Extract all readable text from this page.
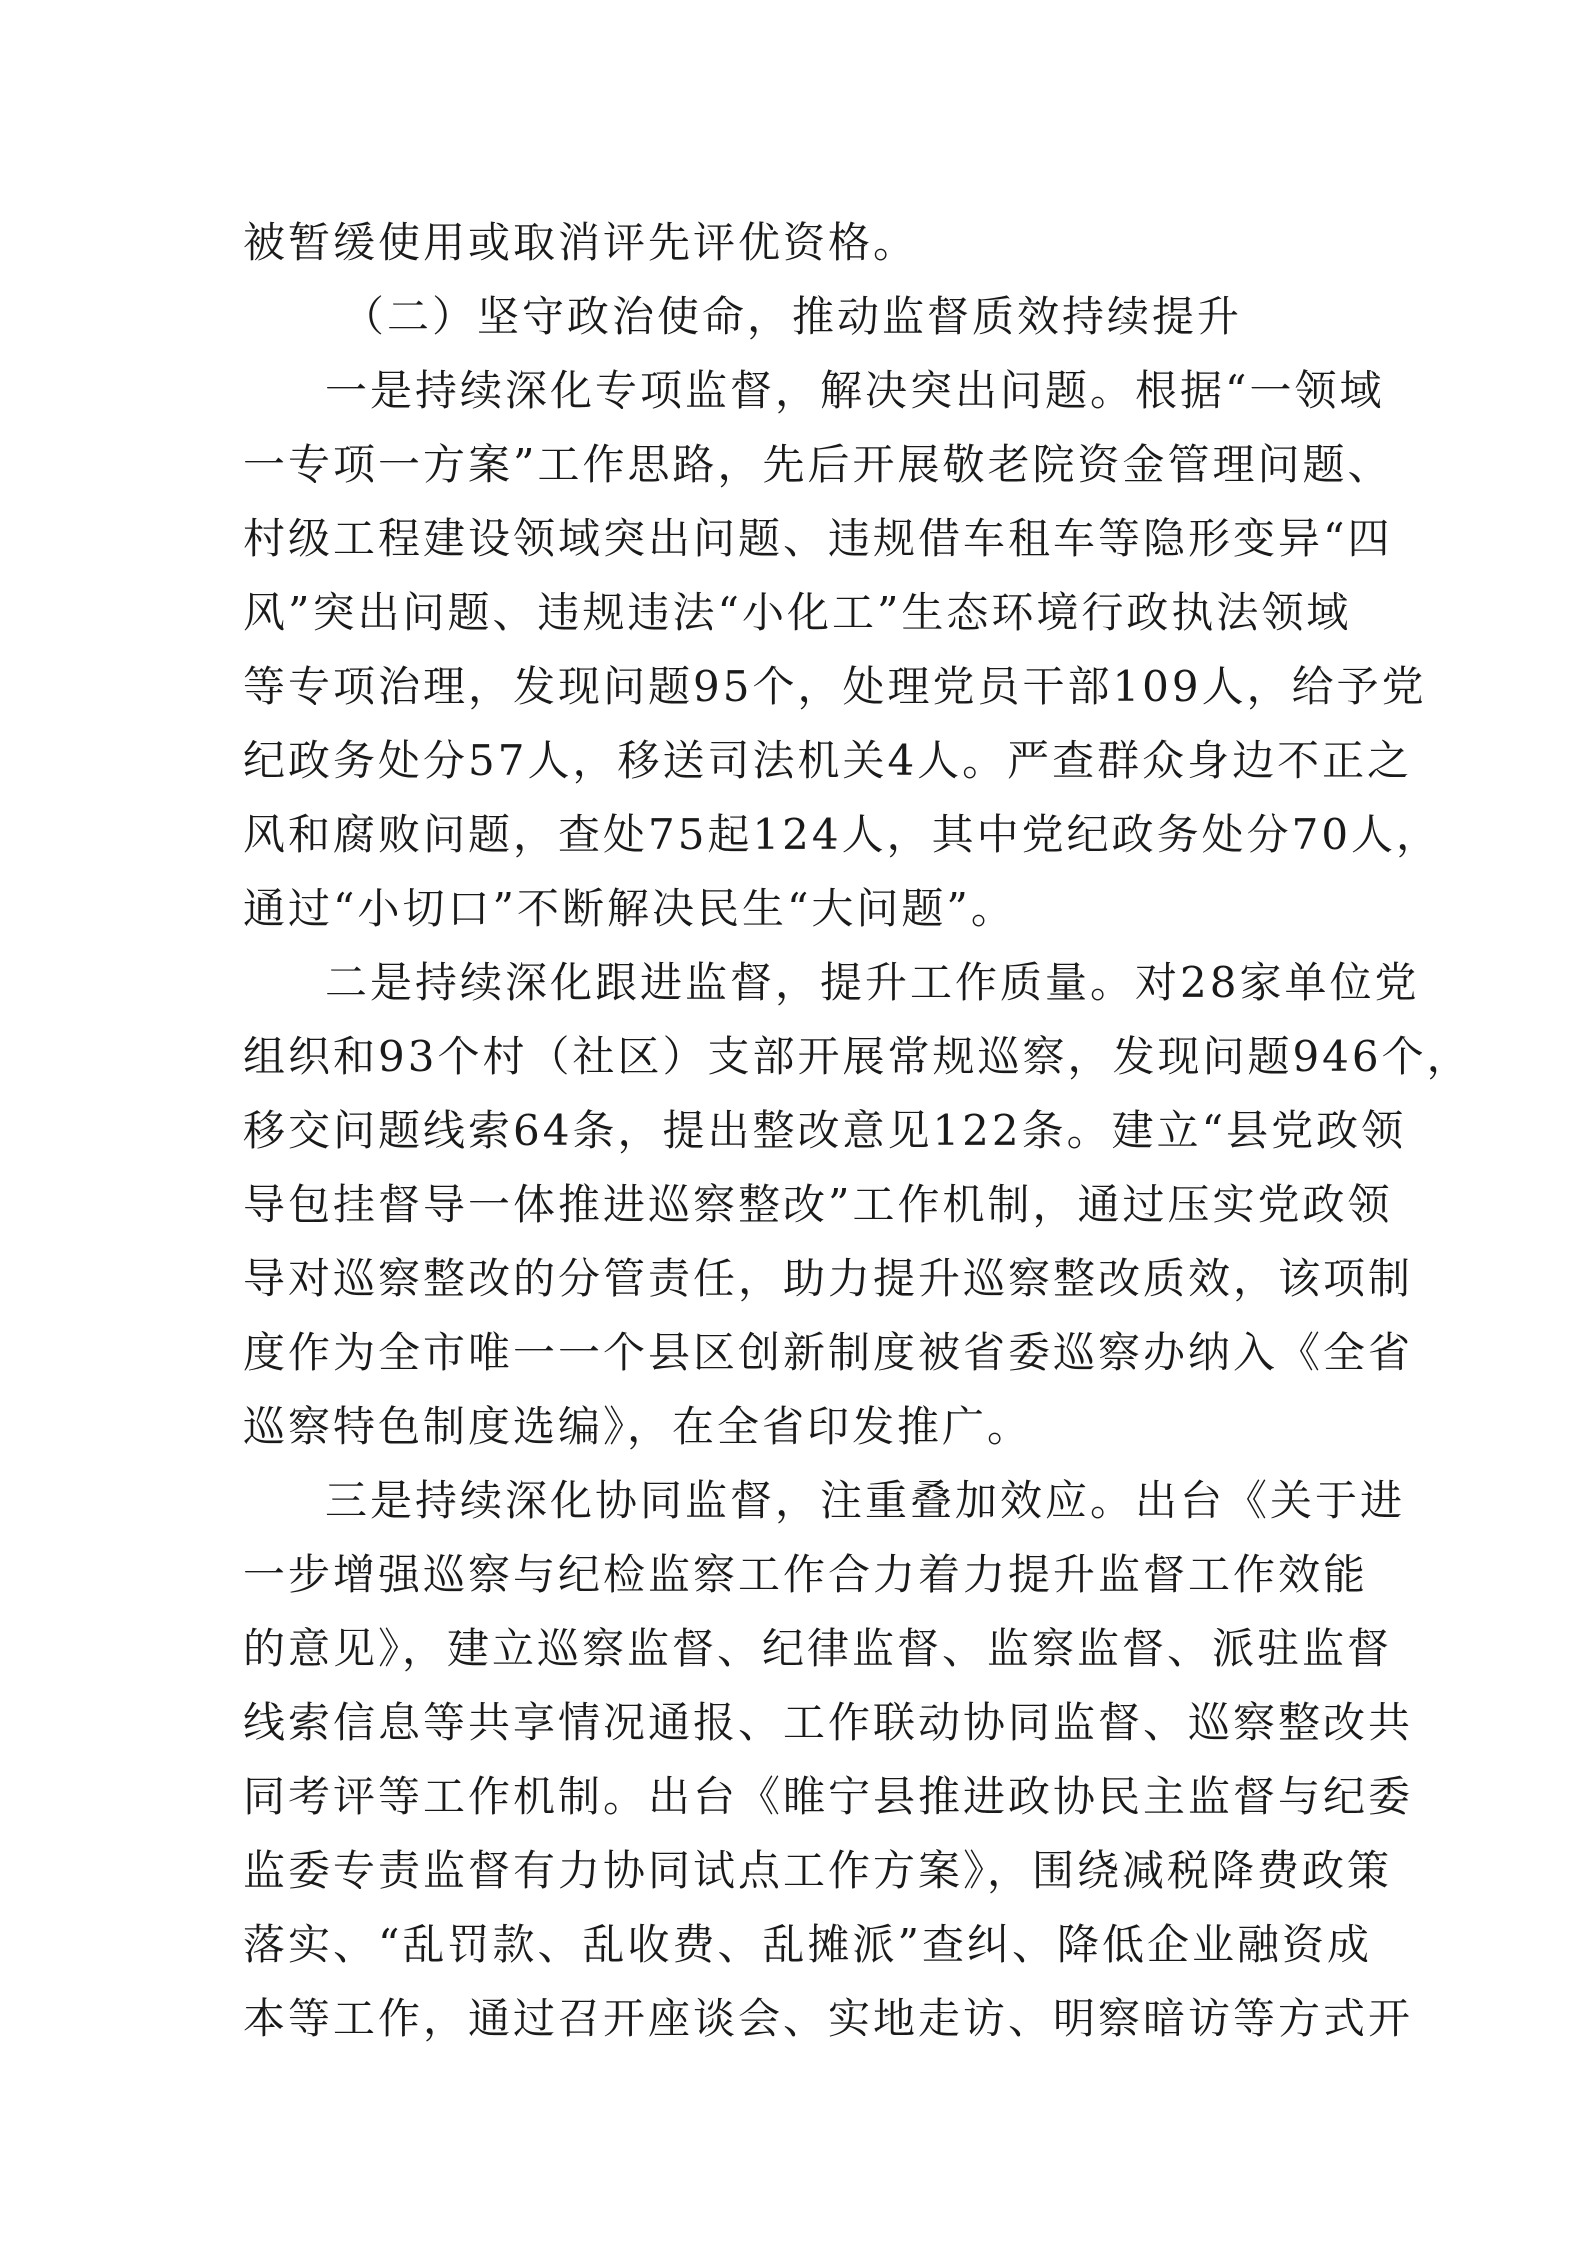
被暂缓使用或取消评先评优资格。
（二）坚守政治使命，推动监督质效持续提升
一是持续深化专项监督，解决突出问题。根据“一领域
一专项一方案”工作思路，先后开展敬老院资金管理问题、
村级工程建设领域突出问题、违规借车租车等隐形变异“四
风”突出问题、违规违法“小化工”生态环境行政执法领域
等专项治理，发现问题95个，处理党员干部109人，给予党
纪政务处分57人，移送司法机关4人。严查群众身边不正之
风和腐败问题，查处75起124人，其中党纪政务处分70人，
通过“小切口”不断解决民生“大问题”。
二是持续深化跟进监督，提升工作质量。对28家单位党
组织和93个村（社区）支部开展常规巡察，发现问题946个，
移交问题线索64条，提出整改意见122条。建立“县党政领
导包挂督导一体推进巡察整改”工作机制，通过压实党政领
导对巡察整改的分管责任，助力提升巡察整改质效，该项制
度作为全市唯一一个县区创新制度被省委巡察办纳入《全省
巡察特色制度选编》，在全省印发推广。
三是持续深化协同监督，注重叠加效应。出台《关于进
一步增强巡察与纪检监察工作合力着力提升监督工作效能
的意见》，建立巡察监督、纪律监督、监察监督、派驻监督
线索信息等共享情况通报、工作联动协同监督、巡察整改共
同考评等工作机制。出台《睢宁县推进政协民主监督与纪委
监委专责监督有力协同试点工作方案》，围绕减税降费政策
落实、“乱罚款、乱收费、乱摊派”查纠、降低企业融资成
本等工作，通过召开座谈会、实地走访、明察暗访等方式开
